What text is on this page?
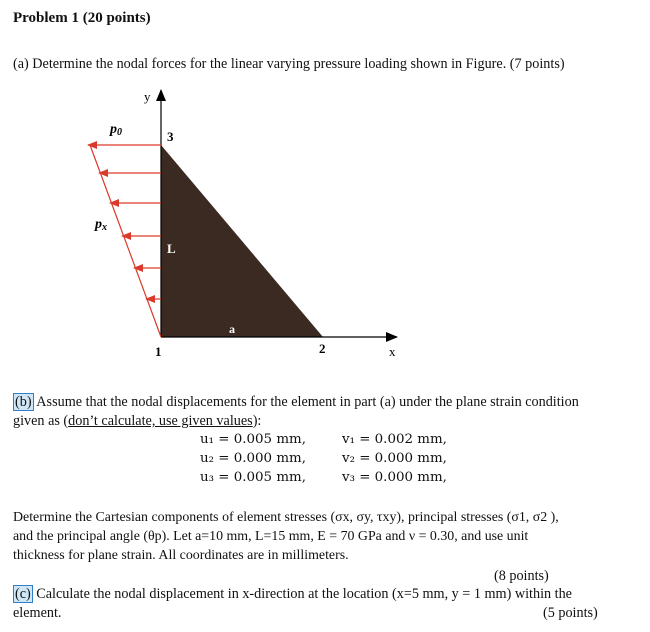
Problem 1 (20 points)
(a) Determine the nodal forces for the linear varying pressure loading shown in Figure. (7 points)
y
x
p0
px
3
1	2
L
a
(b) Assume that the nodal displacements for the element in part (a) under the plane strain condition
given as (don’t calculate, use given values):
u₁ = 0.005 mm,	v₁ = 0.002 mm,
u₂ = 0.000 mm,	v₂ = 0.000 mm,
u₃ = 0.005 mm,	v₃ = 0.000 mm,
Determine the Cartesian components of element stresses (σx, σy, τxy), principal stresses (σ1, σ2 ),
and the principal angle (θp). Let a=10 mm, L=15 mm, E = 70 GPa and ν = 0.30, and use unit
thickness for plane strain. All coordinates are in millimeters.
(8 points)
(c) Calculate the nodal displacement in x-direction at the location (x=5 mm, y = 1 mm) within the
element.	(5 points)
